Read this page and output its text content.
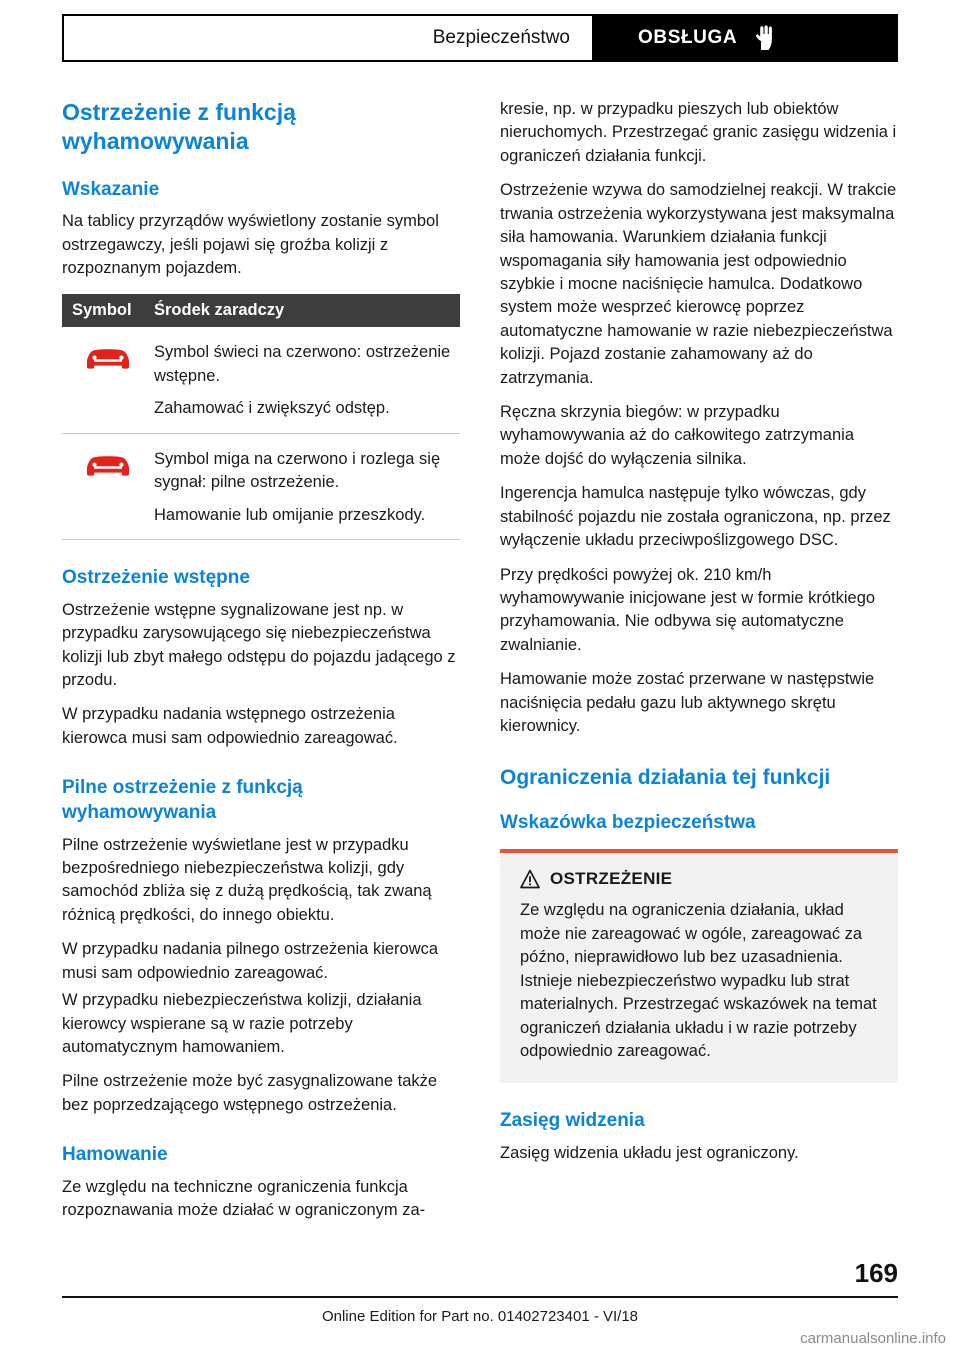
Bezpieczeństwo	OBSŁUGA
Ostrzeżenie z funkcją wyhamowywania
Wskazanie

Na tablicy przyrządów wyświetlony zostanie symbol ostrzegawczy, jeśli pojawi się groźba kolizji z rozpoznanym pojazdem.

Symbol	Środek zaradczy

Symbol świeci na czerwono: ostrzeżenie wstępne.

Zahamować i zwiększyć odstęp.

Symbol miga na czerwono i rozlega się sygnał: pilne ostrzeżenie.

Hamowanie lub omijanie przeszkody.

Ostrzeżenie wstępne

Ostrzeżenie wstępne sygnalizowane jest np. w przypadku zarysowującego się niebezpieczeństwa kolizji lub zbyt małego odstępu do pojazdu jadącego z przodu.

W przypadku nadania wstępnego ostrzeżenia kierowca musi sam odpowiednio zareagować.

Pilne ostrzeżenie z funkcją wyhamowywania

Pilne ostrzeżenie wyświetlane jest w przypadku bezpośredniego niebezpieczeństwa kolizji, gdy samochód zbliża się z dużą prędkością, tak zwaną różnicą prędkości, do innego obiektu.

W przypadku nadania pilnego ostrzeżenia kierowca musi sam odpowiednio zareagować.

W przypadku niebezpieczeństwa kolizji, działania kierowcy wspierane są w razie potrzeby automatycznym hamowaniem.

Pilne ostrzeżenie może być zasygnalizowane także bez poprzedzającego wstępnego ostrzeżenia.

Hamowanie

Ze względu na techniczne ograniczenia funkcja rozpoznawania może działać w ograniczonym za-

kresie, np. w przypadku pieszych lub obiektów nieruchomych. Przestrzegać granic zasięgu widzenia i ograniczeń działania funkcji.

Ostrzeżenie wzywa do samodzielnej reakcji. W trakcie trwania ostrzeżenia wykorzystywana jest maksymalna siła hamowania. Warunkiem działania funkcji wspomagania siły hamowania jest odpowiednio szybkie i mocne naciśnięcie hamulca. Dodatkowo system może wesprzeć kierowcę poprzez automatyczne hamowanie w razie niebezpieczeństwa kolizji. Pojazd zostanie zahamowany aż do zatrzymania.

Ręczna skrzynia biegów: w przypadku wyhamowywania aż do całkowitego zatrzymania może dojść do wyłączenia silnika.

Ingerencja hamulca następuje tylko wówczas, gdy stabilność pojazdu nie została ograniczona, np. przez wyłączenie układu przeciwpoślizgowego DSC.

Przy prędkości powyżej ok. 210 km/h wyhamowywanie inicjowane jest w formie krótkiego przyhamowania. Nie odbywa się automatyczne zwalnianie.

Hamowanie może zostać przerwane w następstwie naciśnięcia pedału gazu lub aktywnego skrętu kierownicy.

Ograniczenia działania tej funkcji
Wskazówka bezpieczeństwa
OSTRZEŻENIE

Ze względu na ograniczenia działania, układ może nie zareagować w ogóle, zareagować za późno, nieprawidłowo lub bez uzasadnienia. Istnieje niebezpieczeństwo wypadku lub strat materialnych. Przestrzegać wskazówek na temat ograniczeń działania układu i w razie potrzeby odpowiednio zareagować.

Zasięg widzenia

Zasięg widzenia układu jest ograniczony.

169
Online Edition for Part no. 01402723401 - VI/18
carmanualsonline.info
